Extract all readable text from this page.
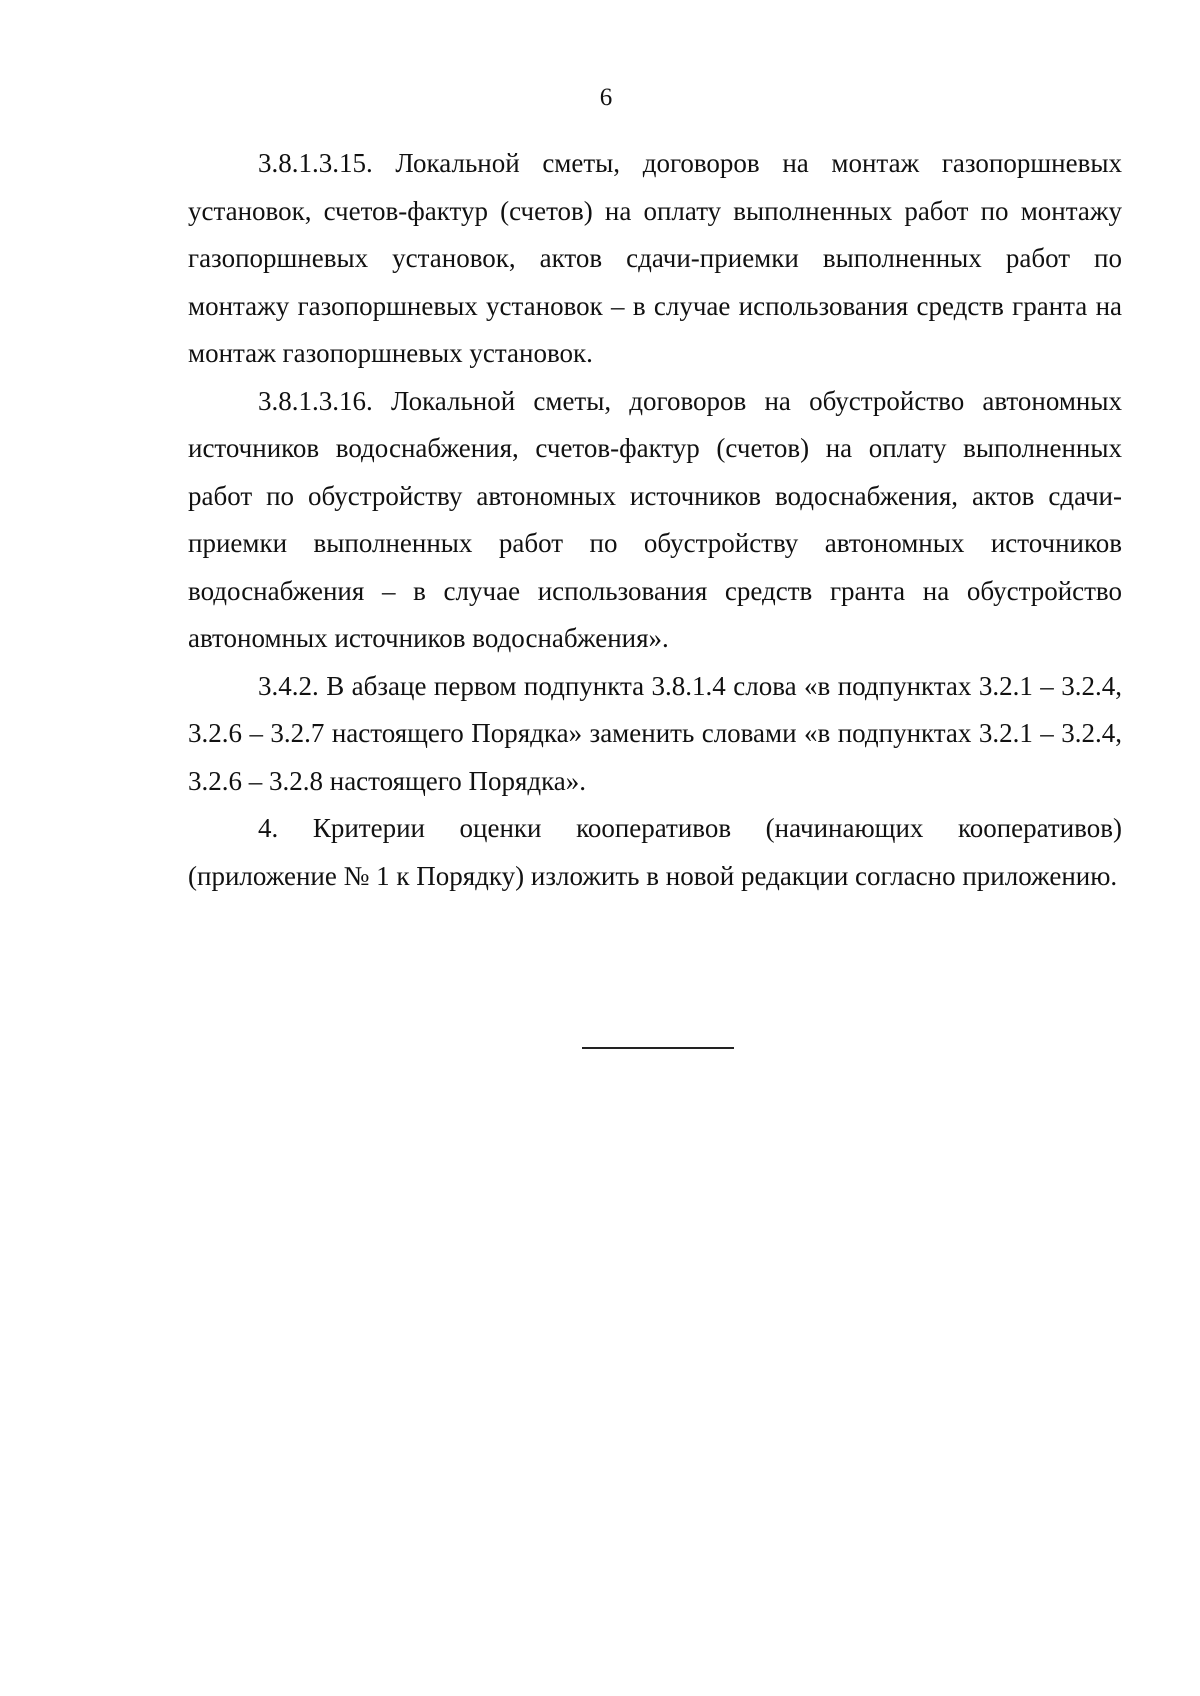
6

3.8.1.3.15. Локальной сметы, договоров на монтаж газопоршневых установок, счетов-фактур (счетов) на оплату выполненных работ по монтажу газопоршневых установок, актов сдачи-приемки выполненных работ по монтажу газопоршневых установок – в случае использования средств гранта на монтаж газопоршневых установок.

3.8.1.3.16. Локальной сметы, договоров на обустройство автономных источников водоснабжения, счетов-фактур (счетов) на оплату выполненных работ по обустройству автономных источников водоснабжения, актов сдачи-приемки выполненных работ по обустройству автономных источников водоснабжения – в случае использования средств гранта на обустройство автономных источников водоснабжения».

3.4.2. В абзаце первом подпункта 3.8.1.4 слова «в подпунктах 3.2.1 – 3.2.4, 3.2.6 – 3.2.7 настоящего Порядка» заменить словами «в подпунктах 3.2.1 – 3.2.4, 3.2.6 – 3.2.8 настоящего Порядка».

4. Критерии оценки кооперативов (начинающих кооперативов) (приложение № 1 к Порядку) изложить в новой редакции согласно приложению.
